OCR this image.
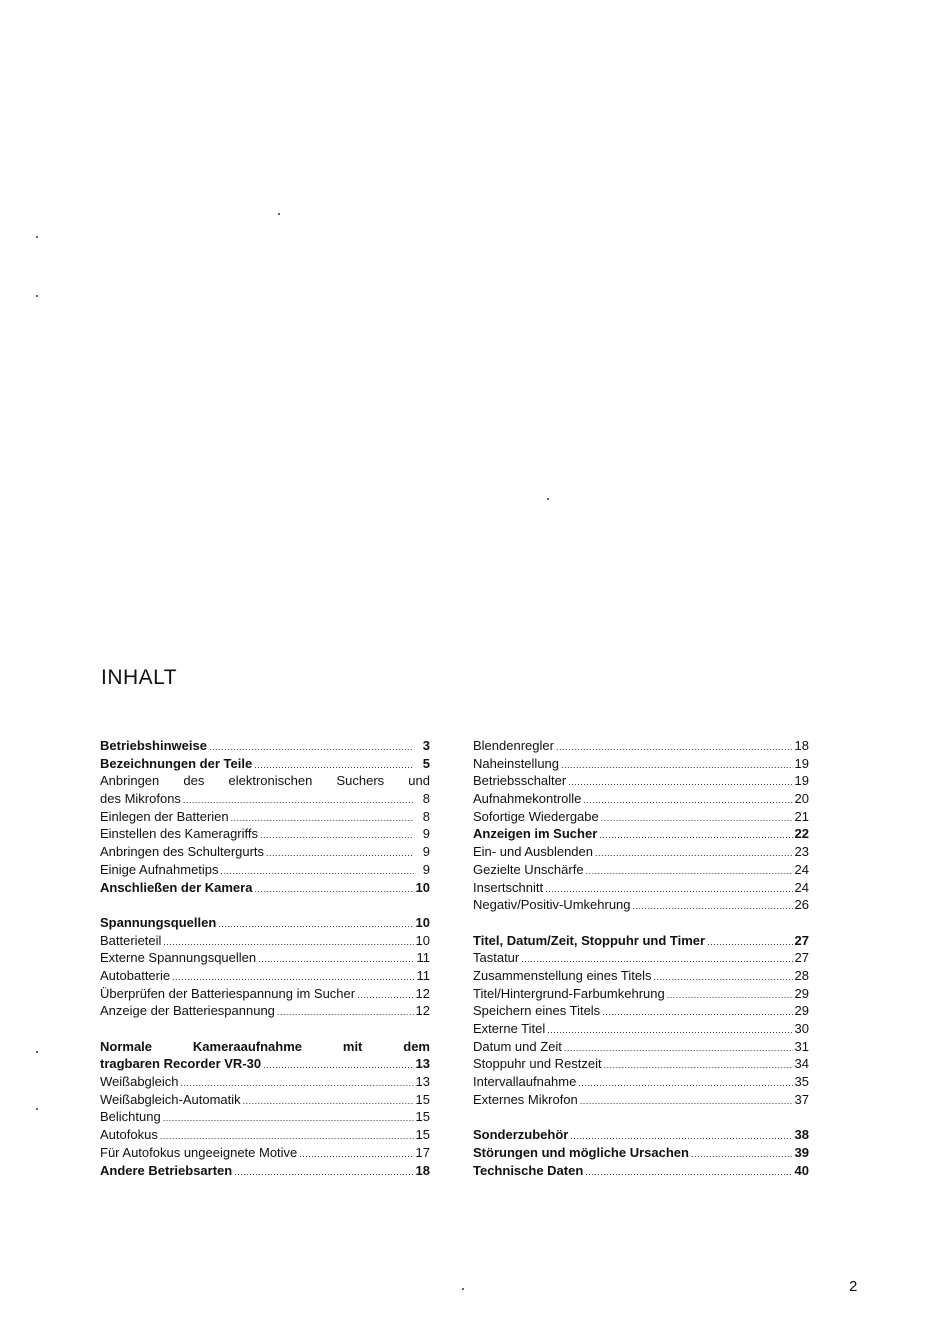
INHALT
Betriebshinweise .....	3
Bezeichnungen der Teile .....	5
Anbringen des elektronischen Suchers und
des Mikrofons .....	8
Einlegen der Batterien .....	8
Einstellen des Kameragriffs .....	9
Anbringen des Schultergurts .....	9
Einige Aufnahmetips .....	9
Anschließen der Kamera .....	10
Spannungsquellen .....	10
Batterieteil .....	10
Externe Spannungsquellen .....	11
Autobatterie .....	11
Überprüfen der Batteriespannung im Sucher .....	12
Anzeige der Batteriespannung .....	12
Normale Kameraaufnahme mit dem
tragbaren Recorder VR-30 .....	13
Weißabgleich .....	13
Weißabgleich-Automatik .....	15
Belichtung .....	15
Autofokus .....	15
Für Autofokus ungeeignete Motive .....	17
Andere Betriebsarten .....	18
Blendenregler .....	18
Naheinstellung .....	19
Betriebsschalter .....	19
Aufnahmekontrolle .....	20
Sofortige Wiedergabe .....	21
Anzeigen im Sucher .....	22
Ein- und Ausblenden .....	23
Gezielte Unschärfe .....	24
Insertschnitt .....	24
Negativ/Positiv-Umkehrung .....	26
Titel, Datum/Zeit, Stoppuhr und Timer .....	27
Tastatur .....	27
Zusammenstellung eines Titels .....	28
Titel/Hintergrund-Farbumkehrung .....	29
Speichern eines Titels .....	29
Externe Titel .....	30
Datum und Zeit .....	31
Stoppuhr und Restzeit .....	34
Intervallaufnahme .....	35
Externes Mikrofon .....	37
Sonderzubehör .....	38
Störungen und mögliche Ursachen .....	39
Technische Daten .....	40
2
